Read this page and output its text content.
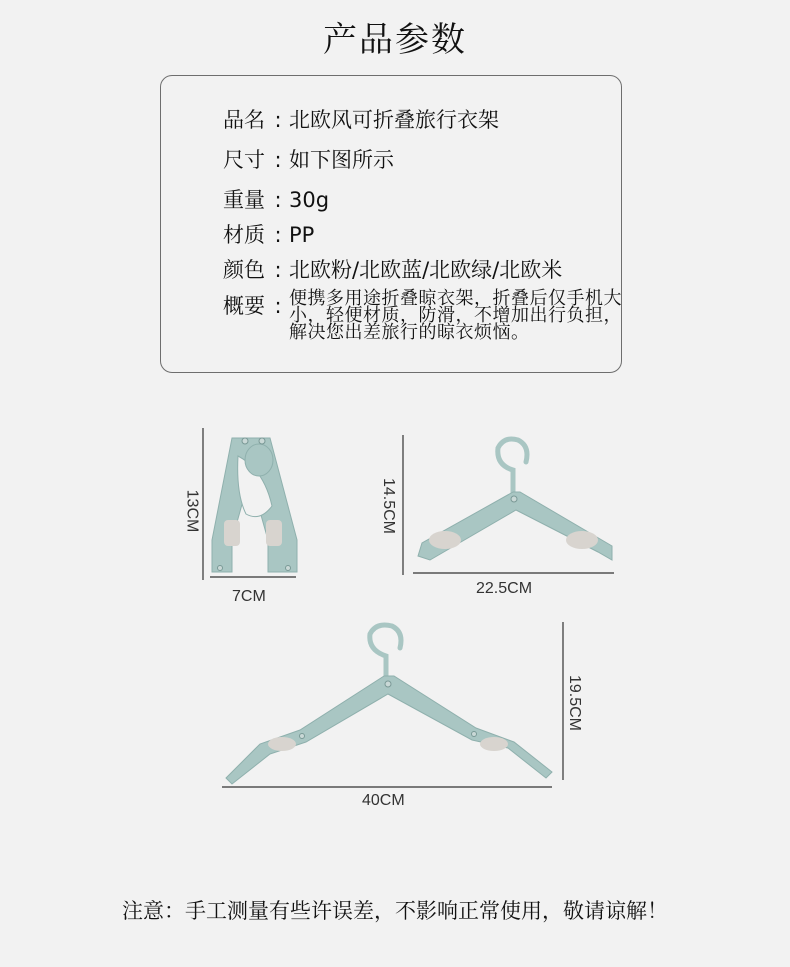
产品参数
品名 : 北欧风可折叠旅行衣架
尺寸 : 如下图所示
重量 : 30g
材质 : PP
颜色 : 北欧粉/北欧蓝/北欧绿/北欧米
概要 : 便携多用途折叠晾衣架，折叠后仅手机大小，轻便材质，防滑，不增加出行负担，解决您出差旅行的晾衣烦恼。
13CM
7CM
14.5CM
22.5CM
19.5CM
40CM
注意：手工测量有些许误差，不影响正常使用，敬请谅解！
